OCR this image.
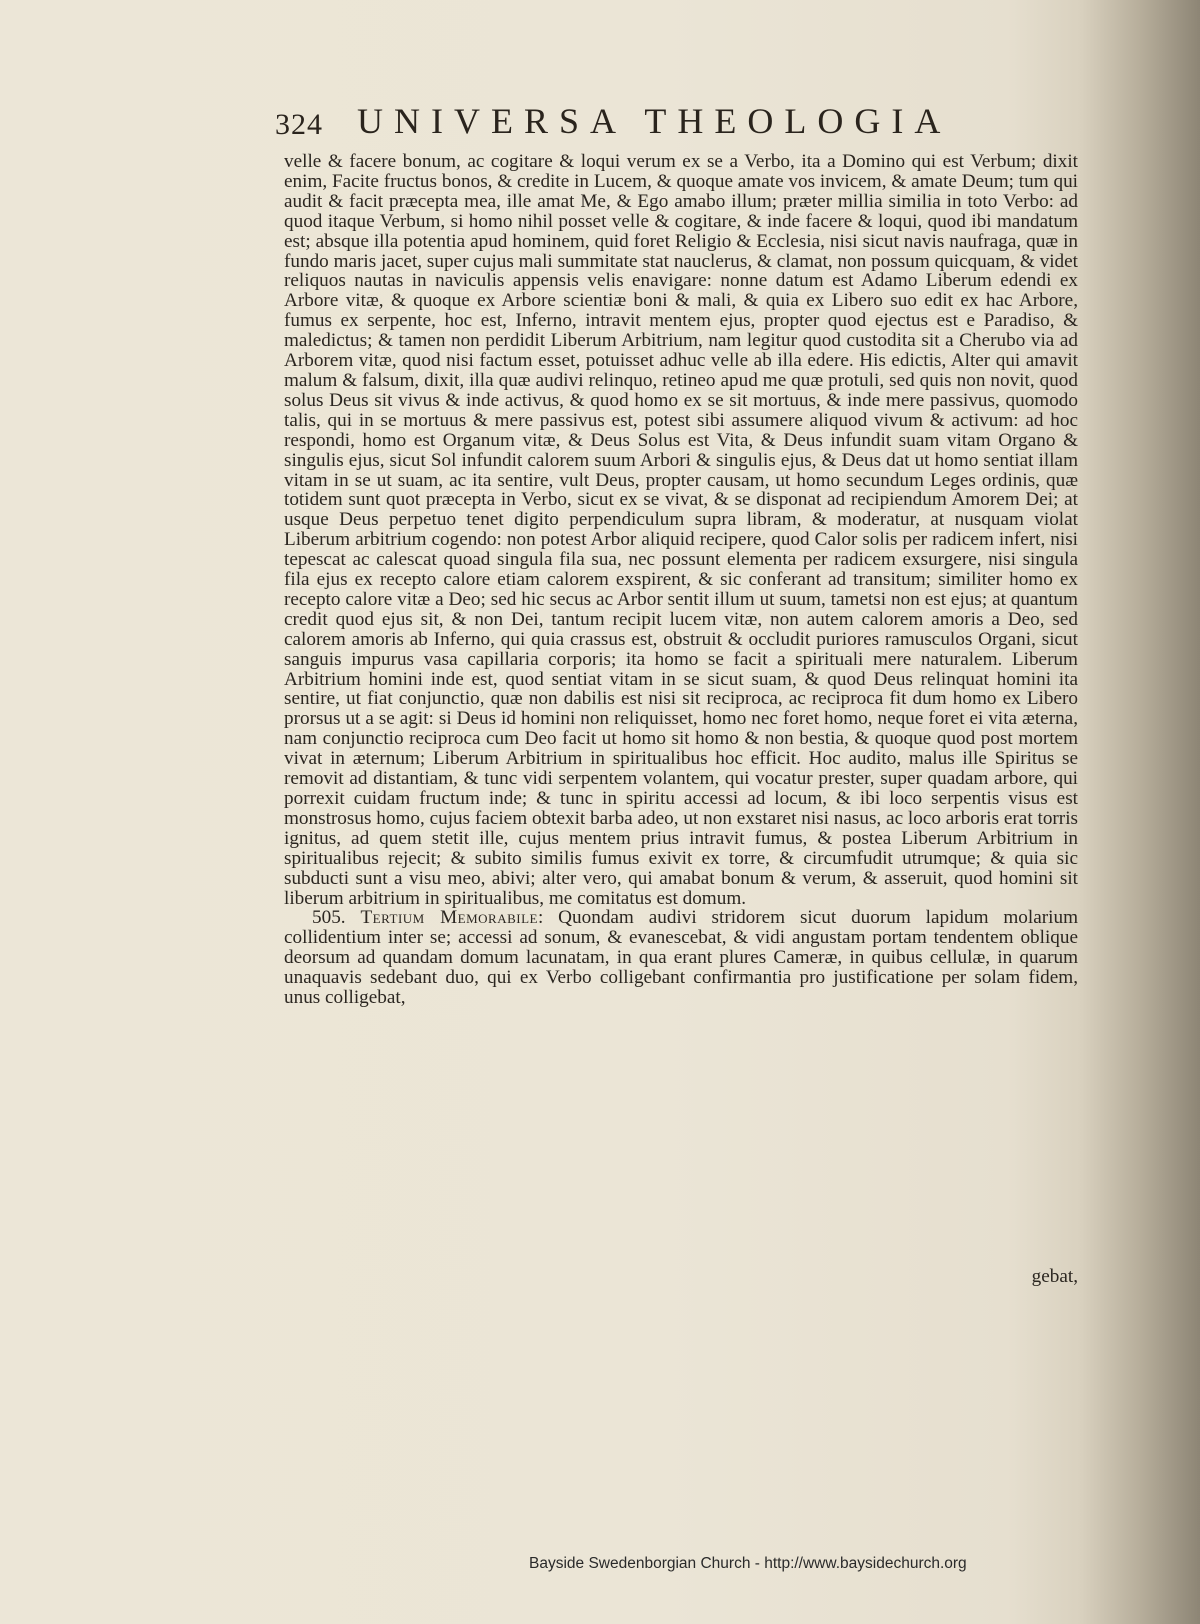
324 UNIVERSA THEOLOGIA

velle & facere bonum, ac cogitare & loqui verum ex se a Verbo, ita a Domino qui est Verbum; dixit enim, Facite fructus bonos, & credite in Lucem, & quoque amate vos invicem, & amate Deum; tum qui audit & facit præcepta mea, ille amat Me, & Ego amabo illum; præter millia similia in toto Verbo: ad quod itaque Verbum, si homo nihil posset velle & cogitare, & inde facere & loqui, quod ibi mandatum est; absque illa potentia apud hominem, quid foret Religio & Ecclesia, nisi sicut navis naufraga, quæ in fundo maris jacet, super cujus mali summitate stat nauclerus, & clamat, non possum quicquam, & videt reliquos nautas in naviculis appensis velis enavigare: nonne datum est Adamo Liberum edendi ex Arbore vitæ, & quoque ex Arbore scientiæ boni & mali, & quia ex Libero suo edit ex hac Arbore, fumus ex serpente, hoc est, Inferno, intravit mentem ejus, propter quod ejectus est e Paradiso, & maledictus; & tamen non perdidit Liberum Arbitrium, nam legitur quod custodita sit a Cherubo via ad Arborem vitæ, quod nisi factum esset, potuisset adhuc velle ab illa edere. His edictis, Alter qui amavit malum & falsum, dixit, illa quæ audivi relinquo, retineo apud me quæ protuli, sed quis non novit, quod solus Deus sit vivus & inde activus, & quod homo ex se sit mortuus, & inde mere passivus, quomodo talis, qui in se mortuus & mere passivus est, potest sibi assumere aliquod vivum & activum: ad hoc respondi, homo est Organum vitæ, & Deus Solus est Vita, & Deus infundit suam vitam Organo & singulis ejus, sicut Sol infundit calorem suum Arbori & singulis ejus, & Deus dat ut homo sentiat illam vitam in se ut suam, ac ita sentire, vult Deus, propter causam, ut homo secundum Leges ordinis, quæ totidem sunt quot præcepta in Verbo, sicut ex se vivat, & se disponat ad recipiendum Amorem Dei; at usque Deus perpetuo tenet digito perpendiculum supra libram, & moderatur, at nusquam violat Liberum arbitrium cogendo: non potest Arbor aliquid recipere, quod Calor solis per radicem infert, nisi tepescat ac calescat quoad singula fila sua, nec possunt elementa per radicem exsurgere, nisi singula fila ejus ex recepto calore etiam calorem exspirent, & sic conferant ad transitum; similiter homo ex recepto calore vitæ a Deo; sed hic secus ac Arbor sentit illum ut suum, tametsi non est ejus; at quantum credit quod ejus sit, & non Dei, tantum recipit lucem vitæ, non autem calorem amoris a Deo, sed calorem amoris ab Inferno, qui quia crassus est, obstruit & occludit puriores ramusculos Organi, sicut sanguis impurus vasa capillaria corporis; ita homo se facit a spirituali mere naturalem. Liberum Arbitrium homini inde est, quod sentiat vitam in se sicut suam, & quod Deus relinquat homini ita sentire, ut fiat conjunctio, quæ non dabilis est nisi sit reciproca, ac reciproca fit dum homo ex Libero prorsus ut a se agit: si Deus id homini non reliquisset, homo nec foret homo, neque foret ei vita æterna, nam conjunctio reciproca cum Deo facit ut homo sit homo & non bestia, & quoque quod post mortem vivat in æternum; Liberum Arbitrium in spiritualibus hoc efficit. Hoc audito, malus ille Spiritus se removit ad distantiam, & tunc vidi serpentem volantem, qui vocatur prester, super quadam arbore, qui porrexit cuidam fructum inde; & tunc in spiritu accessi ad locum, & ibi loco serpentis visus est monstrosus homo, cujus faciem obtexit barba adeo, ut non exstaret nisi nasus, ac loco arboris erat torris ignitus, ad quem stetit ille, cujus mentem prius intravit fumus, & postea Liberum Arbitrium in spiritualibus rejecit; & subito similis fumus exivit ex torre, & circumfudit utrumque; & quia sic subducti sunt a visu meo, abivi; alter vero, qui amabat bonum & verum, & asseruit, quod homini sit liberum arbitrium in spiritualibus, me comitatus est domum.

505. Tertium Memorabile: Quondam audivi stridorem sicut duorum lapidum molarium collidentium inter se; accessi ad sonum, & evanescebat, & vidi angustam portam tendentem oblique deorsum ad quandam domum lacunatam, in qua erant plures Cameræ, in quibus cellulæ, in quarum unaquavis sedebant duo, qui ex Verbo colligebant confirmantia pro justificatione per solam fidem, unus colligebat,

gebat,
Bayside Swedenborgian Church - http://www.baysidechurch.org
